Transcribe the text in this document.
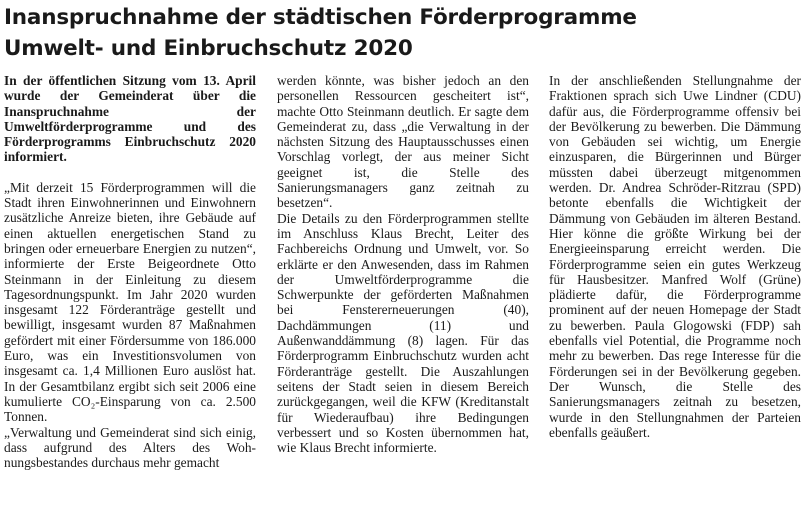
Inanspruchnahme der städtischen Förderprogramme
Umwelt- und Einbruchschutz 2020

In der öffentlichen Sitzung vom 13. April wurde der Gemeinderat über die Inanspruchnahme der Umweltförderprogramme und des Förderprogramms Einbruchschutz 2020 informiert.

„Mit derzeit 15 Förderprogrammen will die Stadt ihren Einwohnerinnen und Einwohnern zusätzliche Anreize bieten, ihre Gebäude auf einen aktuellen energetischen Stand zu bringen oder erneuerbare Energien zu nutzen“, informierte der Erste Beigeordnete Otto Steinmann in der Einleitung zu diesem Tagesordnungspunkt. Im Jahr 2020 wurden insgesamt 122 Förderanträge gestellt und bewilligt, insgesamt wurden 87 Maßnahmen gefördert mit einer Fördersumme von 186.000 Euro, was ein Investitionsvolumen von insgesamt ca. 1,4 Millionen Euro auslöst hat. In der Gesamtbilanz ergibt sich seit 2006 eine kumulierte CO₂-Einsparung von ca. 2.500 Tonnen.

„Verwaltung und Gemeinderat sind sich einig, dass aufgrund des Alters des Wohnungsbestandes durchaus mehr gemacht

werden könnte, was bisher jedoch an den personellen Ressourcen gescheitert ist“, machte Otto Steinmann deutlich. Er sagte dem Gemeinderat zu, dass „die Verwaltung in der nächsten Sitzung des Hauptausschusses einen Vorschlag vorlegt, der aus meiner Sicht geeignet ist, die Stelle des Sanierungsmanagers ganz zeitnah zu besetzen“.

Die Details zu den Förderprogrammen stellte im Anschluss Klaus Brecht, Leiter des Fachbereichs Ordnung und Umwelt, vor. So erklärte er den Anwesenden, dass im Rahmen der Umweltförderprogramme die Schwerpunkte der geförderten Maßnahmen bei Fenstererneuerungen (40), Dachdämmungen (11) und Außenwanddämmung (8) lagen. Für das Förderprogramm Einbruchschutz wurden acht Förderanträge gestellt. Die Auszahlungen seitens der Stadt seien in diesem Bereich zurückgegangen, weil die KFW (Kreditanstalt für Wiederaufbau) ihre Bedingungen verbessert und so Kosten übernommen hat, wie Klaus Brecht informierte.

In der anschließenden Stellungnahme der Fraktionen sprach sich Uwe Lindner (CDU) dafür aus, die Förderprogramme offensiv bei der Bevölkerung zu bewerben. Die Dämmung von Gebäuden sei wichtig, um Energie einzusparen, die Bürgerinnen und Bürger müssten dabei überzeugt mitgenommen werden. Dr. Andrea Schröder-Ritzrau (SPD) betonte ebenfalls die Wichtigkeit der Dämmung von Gebäuden im älteren Bestand. Hier könne die größte Wirkung bei der Energieeinsparung erreicht werden. Die Förderprogramme seien ein gutes Werkzeug für Hausbesitzer. Manfred Wolf (Grüne) plädierte dafür, die Förderprogramme prominent auf der neuen Homepage der Stadt zu bewerben. Paula Glogowski (FDP) sah ebenfalls viel Potential, die Programme noch mehr zu bewerben. Das rege Interesse für die Förderungen sei in der Bevölkerung gegeben. Der Wunsch, die Stelle des Sanierungsmanagers zeitnah zu besetzen, wurde in den Stellungnahmen der Parteien ebenfalls geäußert.
